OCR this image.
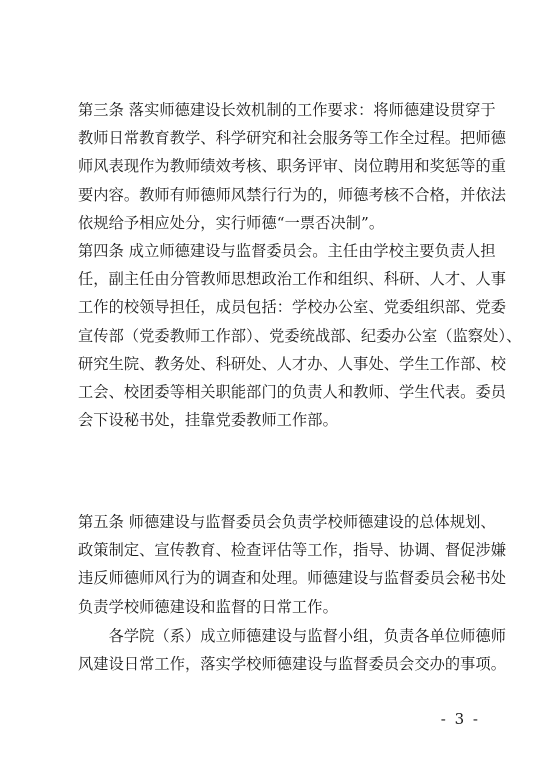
第三条 落实师德建设长效机制的工作要求：将师德建设贯穿于
教师日常教育教学、科学研究和社会服务等工作全过程。把师德
师风表现作为教师绩效考核、职务评审、岗位聘用和奖惩等的重
要内容。教师有师德师风禁行行为的，师德考核不合格，并依法
依规给予相应处分，实行师德“一票否决制”。

第四条 成立师德建设与监督委员会。主任由学校主要负责人担
任，副主任由分管教师思想政治工作和组织、科研、人才、人事
工作的校领导担任，成员包括：学校办公室、党委组织部、党委
宣传部（党委教师工作部）、党委统战部、纪委办公室（监察处）、
研究生院、教务处、科研处、人才办、人事处、学生工作部、校
工会、校团委等相关职能部门的负责人和教师、学生代表。委员
会下设秘书处，挂靠党委教师工作部。

第五条 师德建设与监督委员会负责学校师德建设的总体规划、
政策制定、宣传教育、检查评估等工作，指导、协调、督促涉嫌
违反师德师风行为的调查和处理。师德建设与监督委员会秘书处
负责学校师德建设和监督的日常工作。

　　各学院（系）成立师德建设与监督小组，负责各单位师德师
风建设日常工作，落实学校师德建设与监督委员会交办的事项。

- 3 -
